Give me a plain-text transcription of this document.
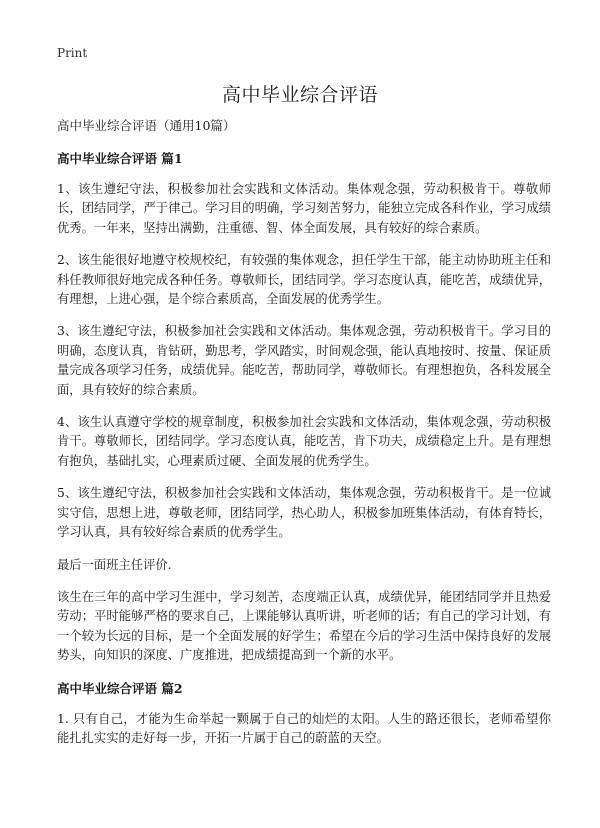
Print
高中毕业综合评语

高中毕业综合评语（通用10篇）

高中毕业综合评语 篇1

1、该生遵纪守法，积极参加社会实践和文体活动。集体观念强，劳动积极肯干。尊敬师长，团结同学，严于律己。学习目的明确，学习刻苦努力，能独立完成各科作业，学习成绩优秀。一年来，坚持出满勤，注重德、智、体全面发展，具有较好的综合素质。

2、该生能很好地遵守校规校纪，有较强的集体观念，担任学生干部，能主动协助班主任和科任教师很好地完成各种任务。尊敬师长，团结同学。学习态度认真，能吃苦，成绩优异，有理想，上进心强，是个综合素质高，全面发展的优秀学生。

3、该生遵纪守法，积极参加社会实践和文体活动。集体观念强，劳动积极肯干。学习目的明确，态度认真，肯钻研，勤思考，学风踏实，时间观念强，能认真地按时、按量、保证质量完成各项学习任务，成绩优异。能吃苦，帮助同学，尊敬师长。有理想抱负，各科发展全面，具有较好的综合素质。

4、该生认真遵守学校的规章制度，积极参加社会实践和文体活动，集体观念强，劳动积极肯干。尊敬师长，团结同学。学习态度认真，能吃苦，肯下功夫，成绩稳定上升。是有理想有抱负，基础扎实，心理素质过硬、全面发展的优秀学生。

5、该生遵纪守法，积极参加社会实践和文体活动，集体观念强，劳动积极肯干。是一位诚实守信，思想上进，尊敬老师，团结同学，热心助人，积极参加班集体活动，有体育特长，学习认真，具有较好综合素质的优秀学生。

最后一面班主任评价.

该生在三年的高中学习生涯中，学习刻苦，态度端正认真，成绩优异，能团结同学并且热爱劳动；平时能够严格的要求自己，上课能够认真听讲，听老师的话；有自己的学习计划，有一个较为长远的目标，是一个全面发展的好学生；希望在今后的学习生活中保持良好的发展势头，向知识的深度、广度推进，把成绩提高到一个新的水平。

高中毕业综合评语 篇2

1. 只有自己，才能为生命举起一颗属于自己的灿烂的太阳。人生的路还很长，老师希望你能扎扎实实的走好每一步，开拓一片属于自己的蔚蓝的天空。
